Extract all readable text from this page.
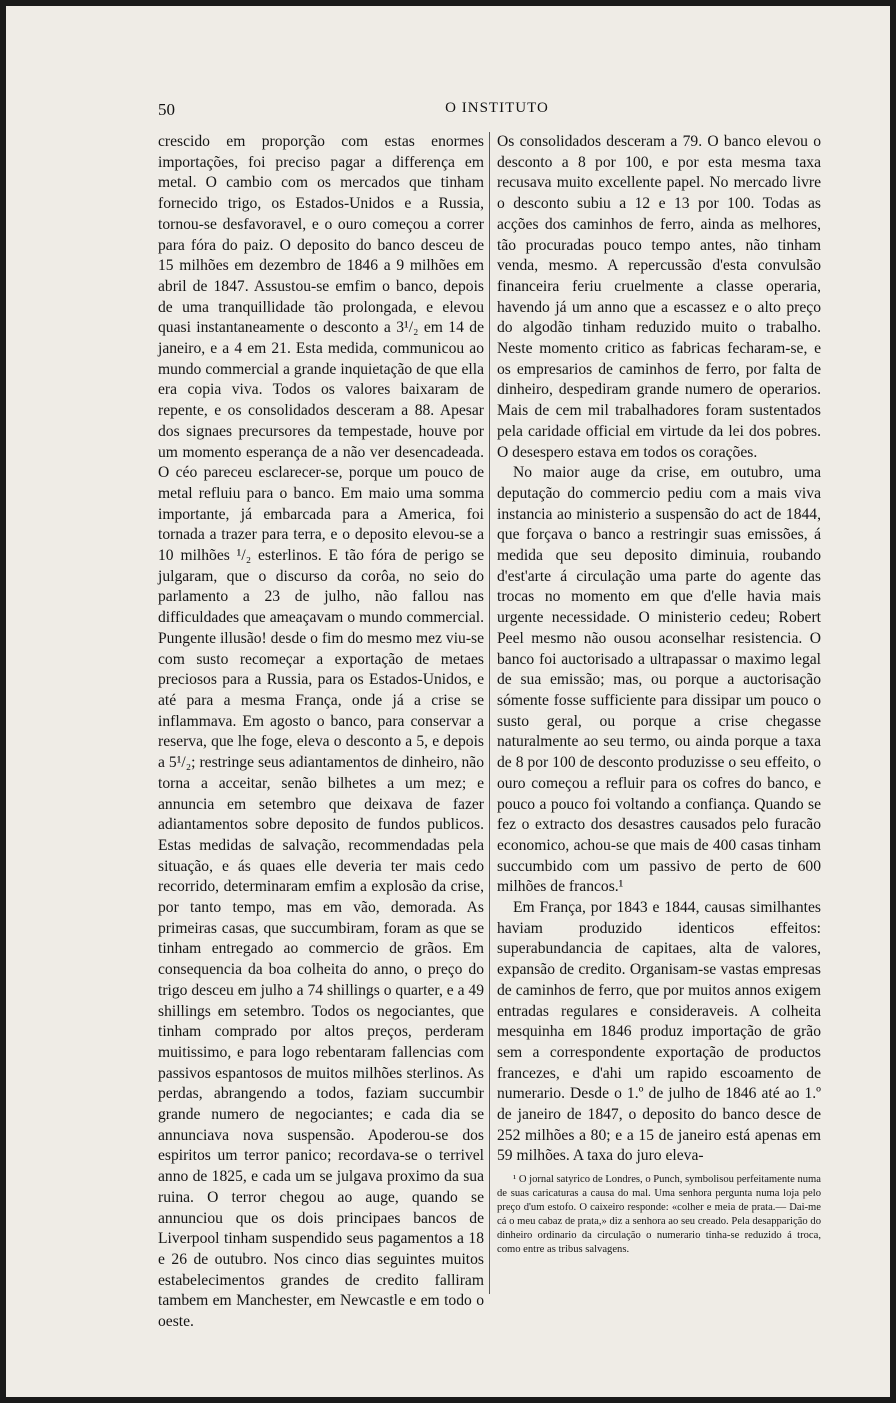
50	O INSTITUTO

crescido em proporção com estas enormes importações, foi preciso pagar a differença em metal. O cambio com os mercados que tinham fornecido trigo, os Estados-Unidos e a Russia, tornou-se desfavoravel, e o ouro começou a correr para fóra do paiz. O deposito do banco desceu de 15 milhões em dezembro de 1846 a 9 milhões em abril de 1847. Assustou-se emfim o banco, depois de uma tranquillidade tão prolongada, e elevou quasi instantaneamente o desconto a 3¹/₂ em 14 de janeiro, e a 4 em 21. Esta medida, communicou ao mundo commercial a grande inquietação de que ella era copia viva. Todos os valores baixaram de repente, e os consolidados desceram a 88. Apesar dos signaes precursores da tempestade, houve por um momento esperança de a não ver desencadeada. O céo pareceu esclarecer-se, porque um pouco de metal refluiu para o banco. Em maio uma somma importante, já embarcada para a America, foi tornada a trazer para terra, e o deposito elevou-se a 10 milhões ¹/₂ esterlinos. E tão fóra de perigo se julgaram, que o discurso da corôa, no seio do parlamento a 23 de julho, não fallou nas difficuldades que ameaçavam o mundo commercial. Pungente illusão! desde o fim do mesmo mez viu-se com susto recomeçar a exportação de metaes preciosos para a Russia, para os Estados-Unidos, e até para a mesma França, onde já a crise se inflammava. Em agosto o banco, para conservar a reserva, que lhe foge, eleva o desconto a 5, e depois a 5¹/₂; restringe seus adiantamentos de dinheiro, não torna a acceitar, senão bilhetes a um mez; e annuncia em setembro que deixava de fazer adiantamentos sobre deposito de fundos publicos. Estas medidas de salvação, recommendadas pela situação, e ás quaes elle deveria ter mais cedo recorrido, determinaram emfim a explosão da crise, por tanto tempo, mas em vão, demorada. As primeiras casas, que succumbiram, foram as que se tinham entregado ao commercio de grãos. Em consequencia da boa colheita do anno, o preço do trigo desceu em julho a 74 shillings o quarter, e a 49 shillings em setembro. Todos os negociantes, que tinham comprado por altos preços, perderam muitissimo, e para logo rebentaram fallencias com passivos espantosos de muitos milhões sterlinos. As perdas, abrangendo a todos, faziam succumbir grande numero de negociantes; e cada dia se annunciava nova suspensão. Apoderou-se dos espiritos um terror panico; recordava-se o terrivel anno de 1825, e cada um se julgava proximo da sua ruina. O terror chegou ao auge, quando se annunciou que os dois principaes bancos de Liverpool tinham suspendido seus pagamentos a 18 e 26 de outubro. Nos cinco dias seguintes muitos estabelecimentos grandes de credito falliram tambem em Manchester, em Newcastle e em todo o oeste.

Os consolidados desceram a 79. O banco elevou o desconto a 8 por 100, e por esta mesma taxa recusava muito excellente papel. No mercado livre o desconto subiu a 12 e 13 por 100. Todas as acções dos caminhos de ferro, ainda as melhores, tão procuradas pouco tempo antes, não tinham venda, mesmo. A repercussão d'esta convulsão financeira feriu cruelmente a classe operaria, havendo já um anno que a escassez e o alto preço do algodão tinham reduzido muito o trabalho. Neste momento critico as fabricas fecharam-se, e os empresarios de caminhos de ferro, por falta de dinheiro, despediram grande numero de operarios. Mais de cem mil trabalhadores foram sustentados pela caridade official em virtude da lei dos pobres. O desespero estava em todos os corações.

No maior auge da crise, em outubro, uma deputação do commercio pediu com a mais viva instancia ao ministerio a suspensão do act de 1844, que forçava o banco a restringir suas emissões, á medida que seu deposito diminuia, roubando d'est'arte á circulação uma parte do agente das trocas no momento em que d'elle havia mais urgente necessidade. O ministerio cedeu; Robert Peel mesmo não ousou aconselhar resistencia. O banco foi auctorisado a ultrapassar o maximo legal de sua emissão; mas, ou porque a auctorisação sómente fosse sufficiente para dissipar um pouco o susto geral, ou porque a crise chegasse naturalmente ao seu termo, ou ainda porque a taxa de 8 por 100 de desconto produzisse o seu effeito, o ouro começou a refluir para os cofres do banco, e pouco a pouco foi voltando a confiança. Quando se fez o extracto dos desastres causados pelo furacão economico, achou-se que mais de 400 casas tinham succumbido com um passivo de perto de 600 milhões de francos.¹

Em França, por 1843 e 1844, causas similhantes haviam produzido identicos effeitos: superabundancia de capitaes, alta de valores, expansão de credito. Organisam-se vastas empresas de caminhos de ferro, que por muitos annos exigem entradas regulares e consideraveis. A colheita mesquinha em 1846 produz importação de grão sem a correspondente exportação de productos francezes, e d'ahi um rapido escoamento de numerario. Desde o 1.º de julho de 1846 até ao 1.º de janeiro de 1847, o deposito do banco desce de 252 milhões a 80; e a 15 de janeiro está apenas em 59 milhões. A taxa do juro eleva-

¹ O jornal satyrico de Londres, o Punch, symbolisou perfeitamente numa de suas caricaturas a causa do mal. Uma senhora pergunta numa loja pelo preço d'um estofo. O caixeiro responde: «colher e meia de prata.— Dai-me cá o meu cabaz de prata,» diz a senhora ao seu creado. Pela desapparição do dinheiro ordinario da circulação o numerario tinha-se reduzido á troca, como entre as tribus salvagens.
